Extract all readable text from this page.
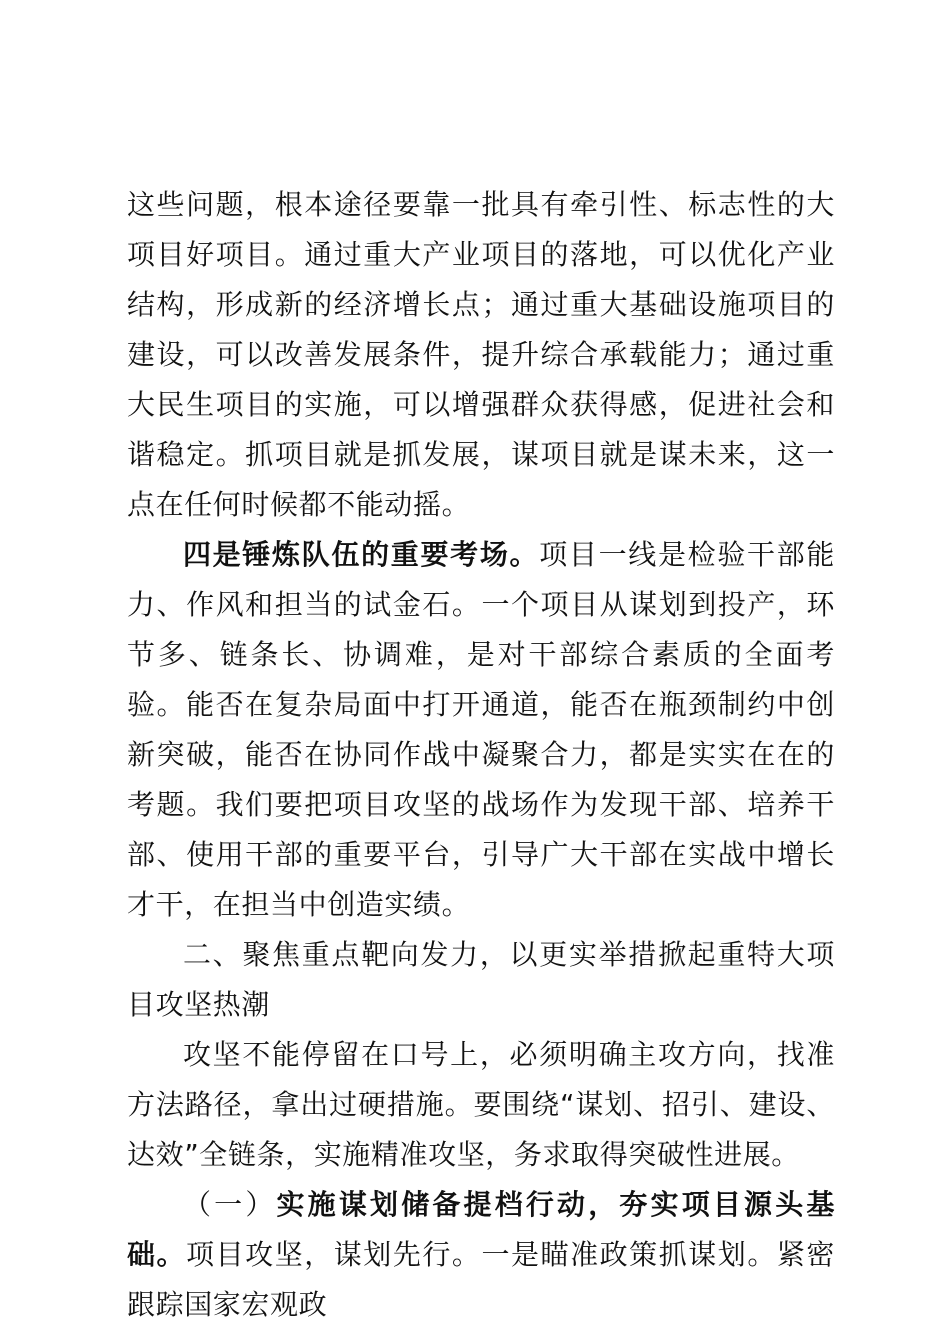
这些问题，根本途径要靠一批具有牵引性、标志性的大项目好项目。通过重大产业项目的落地，可以优化产业结构，形成新的经济增长点；通过重大基础设施项目的建设，可以改善发展条件，提升综合承载能力；通过重大民生项目的实施，可以增强群众获得感，促进社会和谐稳定。抓项目就是抓发展，谋项目就是谋未来，这一点在任何时候都不能动摇。

四是锤炼队伍的重要考场。项目一线是检验干部能力、作风和担当的试金石。一个项目从谋划到投产，环节多、链条长、协调难，是对干部综合素质的全面考验。能否在复杂局面中打开通道，能否在瓶颈制约中创新突破，能否在协同作战中凝聚合力，都是实实在在的考题。我们要把项目攻坚的战场作为发现干部、培养干部、使用干部的重要平台，引导广大干部在实战中增长才干，在担当中创造实绩。

二、聚焦重点靶向发力，以更实举措掀起重特大项目攻坚热潮

攻坚不能停留在口号上，必须明确主攻方向，找准方法路径，拿出过硬措施。要围绕“谋划、招引、建设、达效”全链条，实施精准攻坚，务求取得突破性进展。

（一）实施谋划储备提档行动，夯实项目源头基础。项目攻坚，谋划先行。一是瞄准政策抓谋划。紧密跟踪国家宏观政
